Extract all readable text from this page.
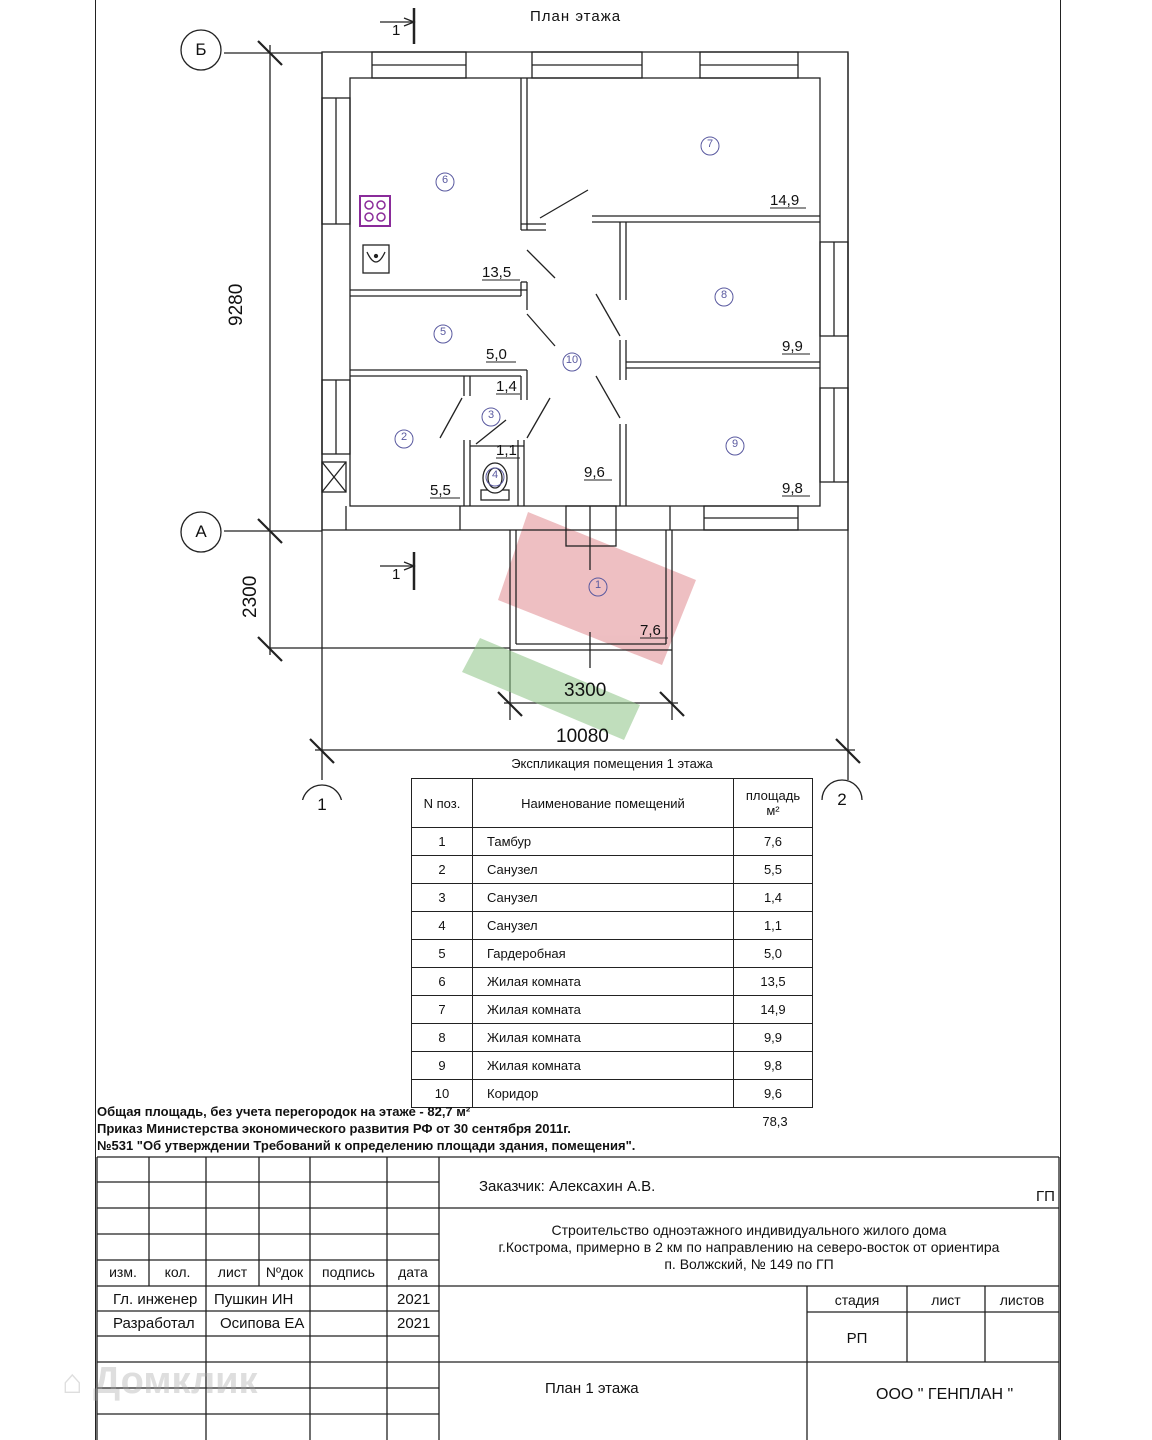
План этажа
Б
А
1	2
1
1
9280
2300
3300
10080
1
2
3
4
5
6
7
8
9
10
7,6
5,5
1,4
1,1
5,0
13,5
14,9
9,9
9,8
9,6
Экспликация помещения 1 этажа
N поз.	Наименование помещений	площадь
м²

1	Тамбур	7,6
2	Санузел	5,5
3	Санузел	1,4
4	Санузел	1,1
5	Гардеробная	5,0
6	Жилая комната	13,5
7	Жилая комната	14,9
8	Жилая комната	9,9
9	Жилая комната	9,8
10	Коридор	9,6
78,3
Общая площадь, без учета перегородок на этаже - 82,7 м²
Приказ Министерства экономического развития РФ от 30 сентября 2011г.
№531 "Об утверждении Требований к определению площади здания, помещения".
Заказчик: Алексахин А.В.
ГП
Строительство одноэтажного индивидуального жилого дома
г.Кострома, примерно в 2 км по направлению на северо-восток от ориентира
п. Волжский, № 149 по ГП
изм.	кол.	лист	Nºдок	подпись	дата
Гл. инженер Пушкин ИН	2021
Разработал Осипова ЕА	2021
стадия	лист	листов
РП
План 1 этажа	ООО " ГЕНПЛАН "
⌂ Домклик
